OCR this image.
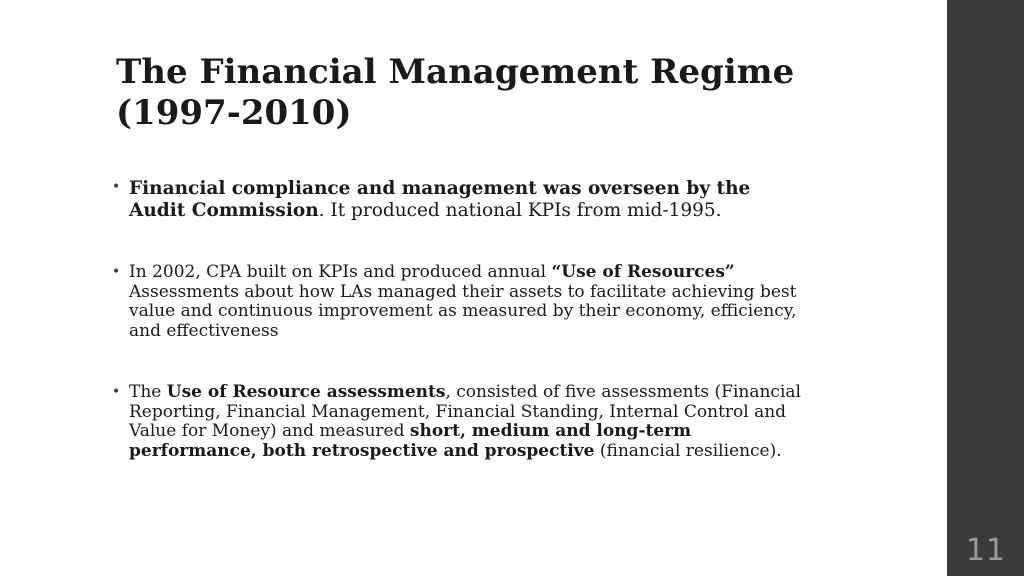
The Financial Management Regime (1997-2010)
• Financial compliance and management was overseen by the Audit Commission. It produced national KPIs from mid-1995.
• In 2002, CPA built on KPIs and produced annual “Use of Resources” Assessments about how LAs managed their assets to facilitate achieving best value and continuous improvement as measured by their economy, efficiency, and effectiveness
• The Use of Resource assessments, consisted of five assessments (Financial Reporting, Financial Management, Financial Standing, Internal Control and Value for Money) and measured short, medium and long-term performance, both retrospective and prospective (financial resilience).
11
